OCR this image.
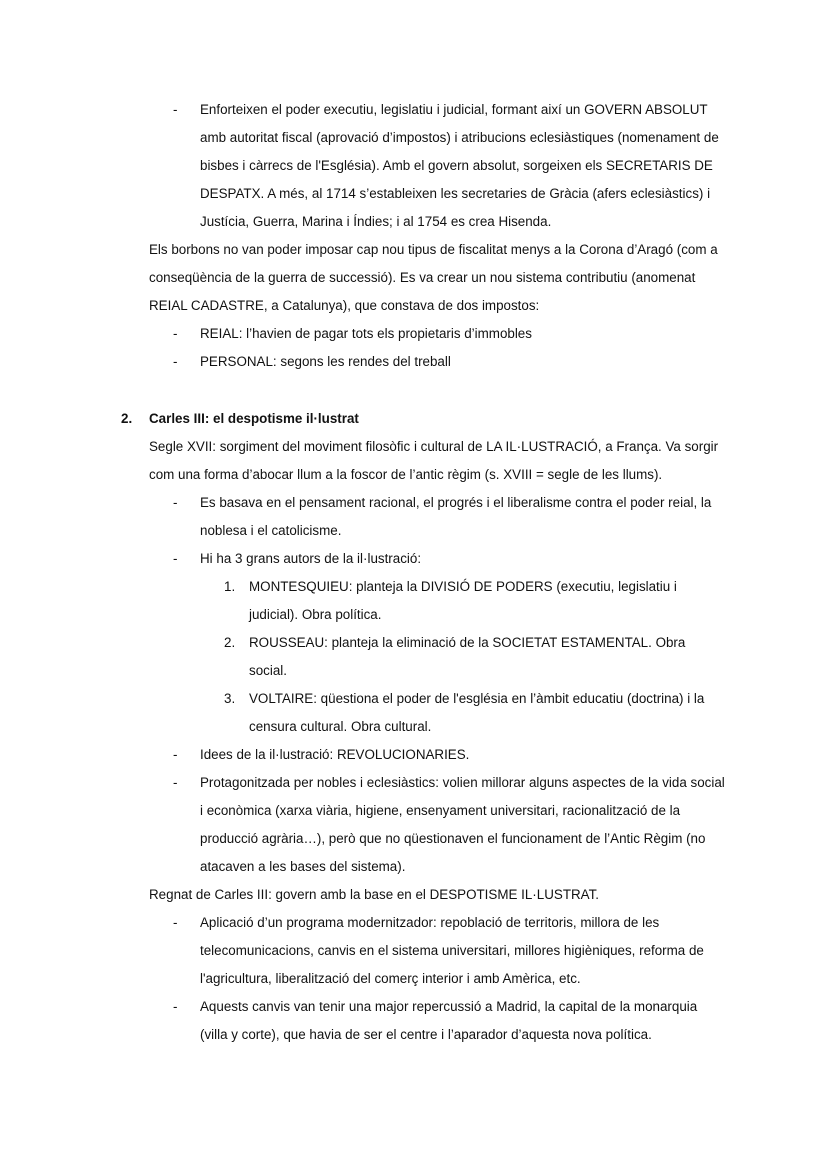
- Enforteixen el poder executiu, legislatiu i judicial, formant així un GOVERN ABSOLUT amb autoritat fiscal (aprovació d’impostos) i atribucions eclesiàstiques (nomenament de bisbes i càrrecs de l'Església). Amb el govern absolut, sorgeixen els SECRETARIS DE DESPATX. A més, al 1714 s’estableixen les secretaries de Gràcia (afers eclesiàstics) i Justícia, Guerra, Marina i Índies; i al 1754 es crea Hisenda.

Els borbons no van poder imposar cap nou tipus de fiscalitat menys a la Corona d’Aragó (com a conseqüència de la guerra de successió). Es va crear un nou sistema contributiu (anomenat REIAL CADASTRE, a Catalunya), que constava de dos impostos:

- REIAL: l’havien de pagar tots els propietaris d’immobles
- PERSONAL: segons les rendes del treball
2. Carles III: el despotisme il·lustrat

Segle XVII: sorgiment del moviment filosòfic i cultural de LA IL·LUSTRACIÓ, a França. Va sorgir com una forma d’abocar llum a la foscor de l’antic règim (s. XVIII = segle de les llums).

- Es basava en el pensament racional, el progrés i el liberalisme contra el poder reial, la noblesa i el catolicisme.
- Hi ha 3 grans autors de la il·lustració:
1. MONTESQUIEU: planteja la DIVISIÓ DE PODERS (executiu, legislatiu i judicial). Obra política.
2. ROUSSEAU: planteja la eliminació de la SOCIETAT ESTAMENTAL. Obra social.
3. VOLTAIRE: qüestiona el poder de l'església en l’àmbit educatiu (doctrina) i la censura cultural. Obra cultural.
- Idees de la il·lustració: REVOLUCIONARIES.
- Protagonitzada per nobles i eclesiàstics: volien millorar alguns aspectes de la vida social i econòmica (xarxa viària, higiene, ensenyament universitari, racionalització de la producció agrària…), però que no qüestionaven el funcionament de l’Antic Règim (no atacaven a les bases del sistema).

Regnat de Carles III: govern amb la base en el DESPOTISME IL·LUSTRAT.

- Aplicació d’un programa modernitzador: repoblació de territoris, millora de les telecomunicacions, canvis en el sistema universitari, millores higièniques, reforma de l'agricultura, liberalització del comerç interior i amb Amèrica, etc.
- Aquests canvis van tenir una major repercussió a Madrid, la capital de la monarquia (villa y corte), que havia de ser el centre i l’aparador d’aquesta nova política.
